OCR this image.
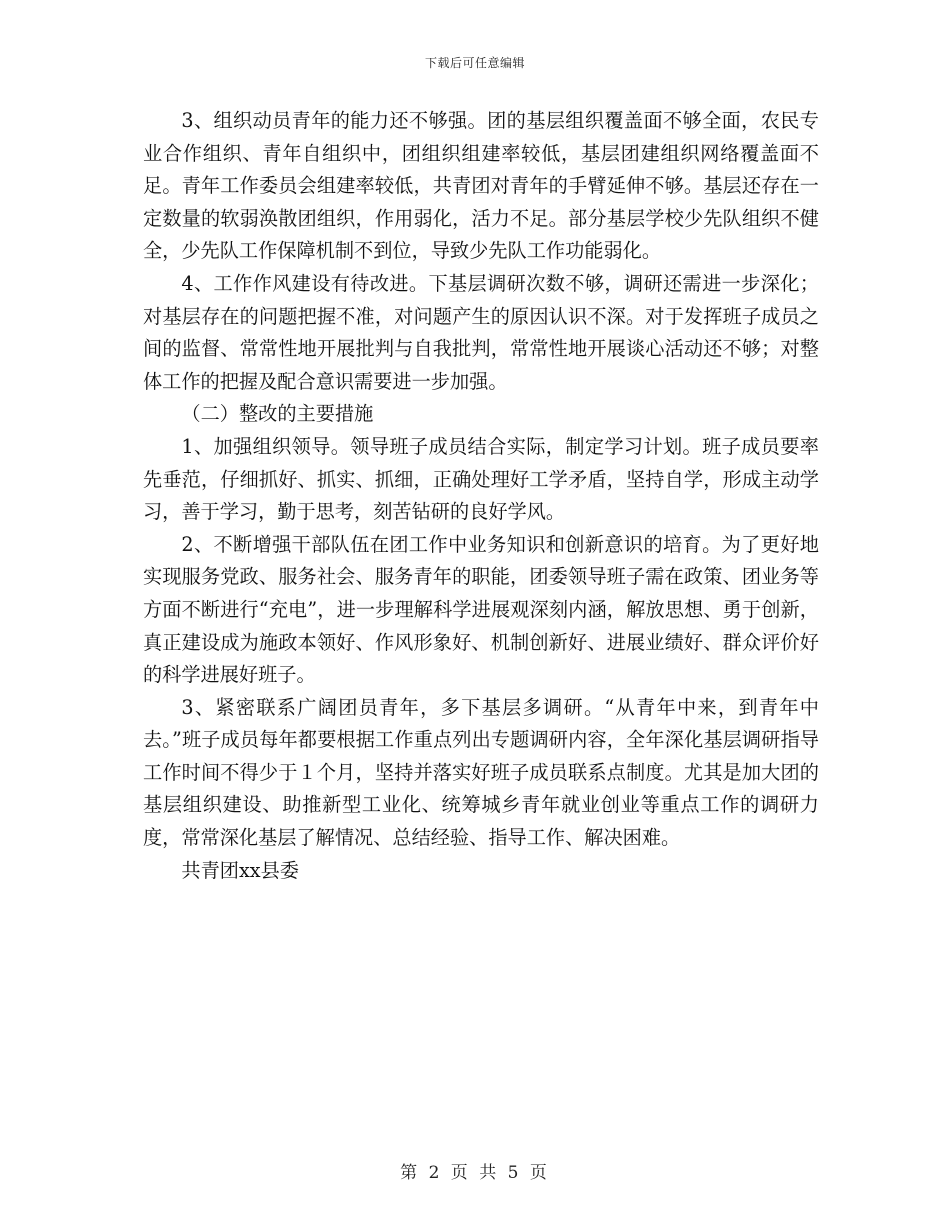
下载后可任意编辑

3、组织动员青年的能力还不够强。团的基层组织覆盖面不够全面，农民专业合作组织、青年自组织中，团组织组建率较低，基层团建组织网络覆盖面不足。青年工作委员会组建率较低，共青团对青年的手臂延伸不够。基层还存在一定数量的软弱涣散团组织，作用弱化，活力不足。部分基层学校少先队组织不健全，少先队工作保障机制不到位，导致少先队工作功能弱化。

4、工作作风建设有待改进。下基层调研次数不够，调研还需进一步深化；对基层存在的问题把握不准，对问题产生的原因认识不深。对于发挥班子成员之间的监督、常常性地开展批判与自我批判，常常性地开展谈心活动还不够；对整体工作的把握及配合意识需要进一步加强。

（二）整改的主要措施

1、加强组织领导。领导班子成员结合实际，制定学习计划。班子成员要率先垂范，仔细抓好、抓实、抓细，正确处理好工学矛盾，坚持自学，形成主动学习，善于学习，勤于思考，刻苦钻研的良好学风。

2、不断增强干部队伍在团工作中业务知识和创新意识的培育。为了更好地实现服务党政、服务社会、服务青年的职能，团委领导班子需在政策、团业务等方面不断进行“充电”，进一步理解科学进展观深刻内涵，解放思想、勇于创新，真正建设成为施政本领好、作风形象好、机制创新好、进展业绩好、群众评价好的科学进展好班子。

3、紧密联系广阔团员青年，多下基层多调研。“从青年中来，到青年中去。”班子成员每年都要根据工作重点列出专题调研内容，全年深化基层调研指导工作时间不得少于１个月，坚持并落实好班子成员联系点制度。尤其是加大团的基层组织建设、助推新型工业化、统筹城乡青年就业创业等重点工作的调研力度，常常深化基层了解情况、总结经验、指导工作、解决困难。

共青团xx县委

第 2 页 共 5 页
